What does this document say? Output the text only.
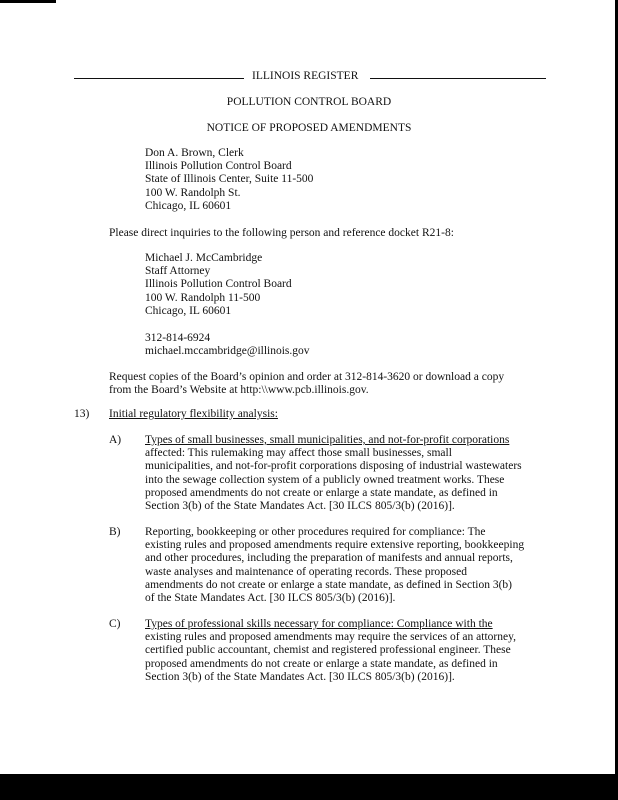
ILLINOIS REGISTER
POLLUTION CONTROL BOARD
NOTICE OF PROPOSED AMENDMENTS
Don A. Brown, Clerk
Illinois Pollution Control Board
State of Illinois Center, Suite 11-500
100 W. Randolph St.
Chicago, IL 60601
Please direct inquiries to the following person and reference docket R21-8:
Michael J. McCambridge
Staff Attorney
Illinois Pollution Control Board
100 W. Randolph 11-500
Chicago, IL 60601
312-814-6924
michael.mccambridge@illinois.gov
Request copies of the Board’s opinion and order at 312-814-3620 or download a copy
from the Board’s Website at http:\\www.pcb.illinois.gov.
13) Initial regulatory flexibility analysis:
A) Types of small businesses, small municipalities, and not-for-profit corporations
affected: This rulemaking may affect those small businesses, small
municipalities, and not-for-profit corporations disposing of industrial wastewaters
into the sewage collection system of a publicly owned treatment works. These
proposed amendments do not create or enlarge a state mandate, as defined in
Section 3(b) of the State Mandates Act. [30 ILCS 805/3(b) (2016)].
B) Reporting, bookkeeping or other procedures required for compliance: The
existing rules and proposed amendments require extensive reporting, bookkeeping
and other procedures, including the preparation of manifests and annual reports,
waste analyses and maintenance of operating records. These proposed
amendments do not create or enlarge a state mandate, as defined in Section 3(b)
of the State Mandates Act. [30 ILCS 805/3(b) (2016)].
C) Types of professional skills necessary for compliance: Compliance with the
existing rules and proposed amendments may require the services of an attorney,
certified public accountant, chemist and registered professional engineer. These
proposed amendments do not create or enlarge a state mandate, as defined in
Section 3(b) of the State Mandates Act. [30 ILCS 805/3(b) (2016)].
